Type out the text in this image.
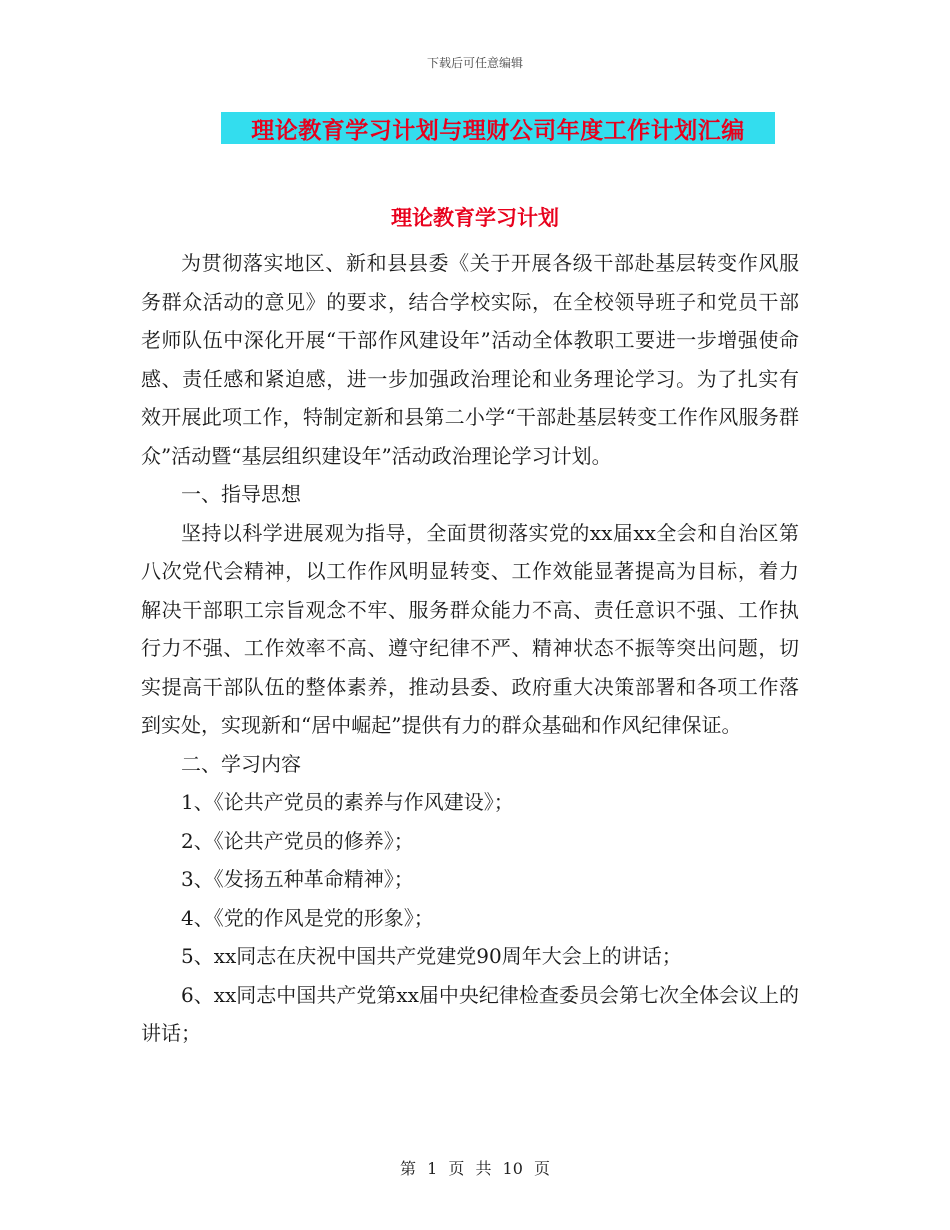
下载后可任意编辑
理论教育学习计划与理财公司年度工作计划汇编
理论教育学习计划

为贯彻落实地区、新和县县委《关于开展各级干部赴基层转变作风服务群众活动的意见》的要求，结合学校实际，在全校领导班子和党员干部老师队伍中深化开展“干部作风建设年”活动全体教职工要进一步增强使命感、责任感和紧迫感，进一步加强政治理论和业务理论学习。为了扎实有效开展此项工作，特制定新和县第二小学“干部赴基层转变工作作风服务群众”活动暨“基层组织建设年”活动政治理论学习计划。

一、指导思想

坚持以科学进展观为指导，全面贯彻落实党的xx届xx全会和自治区第八次党代会精神，以工作作风明显转变、工作效能显著提高为目标，着力解决干部职工宗旨观念不牢、服务群众能力不高、责任意识不强、工作执行力不强、工作效率不高、遵守纪律不严、精神状态不振等突出问题，切实提高干部队伍的整体素养，推动县委、政府重大决策部署和各项工作落到实处，实现新和“居中崛起”提供有力的群众基础和作风纪律保证。

二、学习内容

1、《论共产党员的素养与作风建设》；

2、《论共产党员的修养》；

3、《发扬五种革命精神》；

4、《党的作风是党的形象》；

5、xx同志在庆祝中国共产党建党90周年大会上的讲话；

6、xx同志中国共产党第xx届中央纪律检查委员会第七次全体会议上的讲话；

第 1 页 共 10 页
